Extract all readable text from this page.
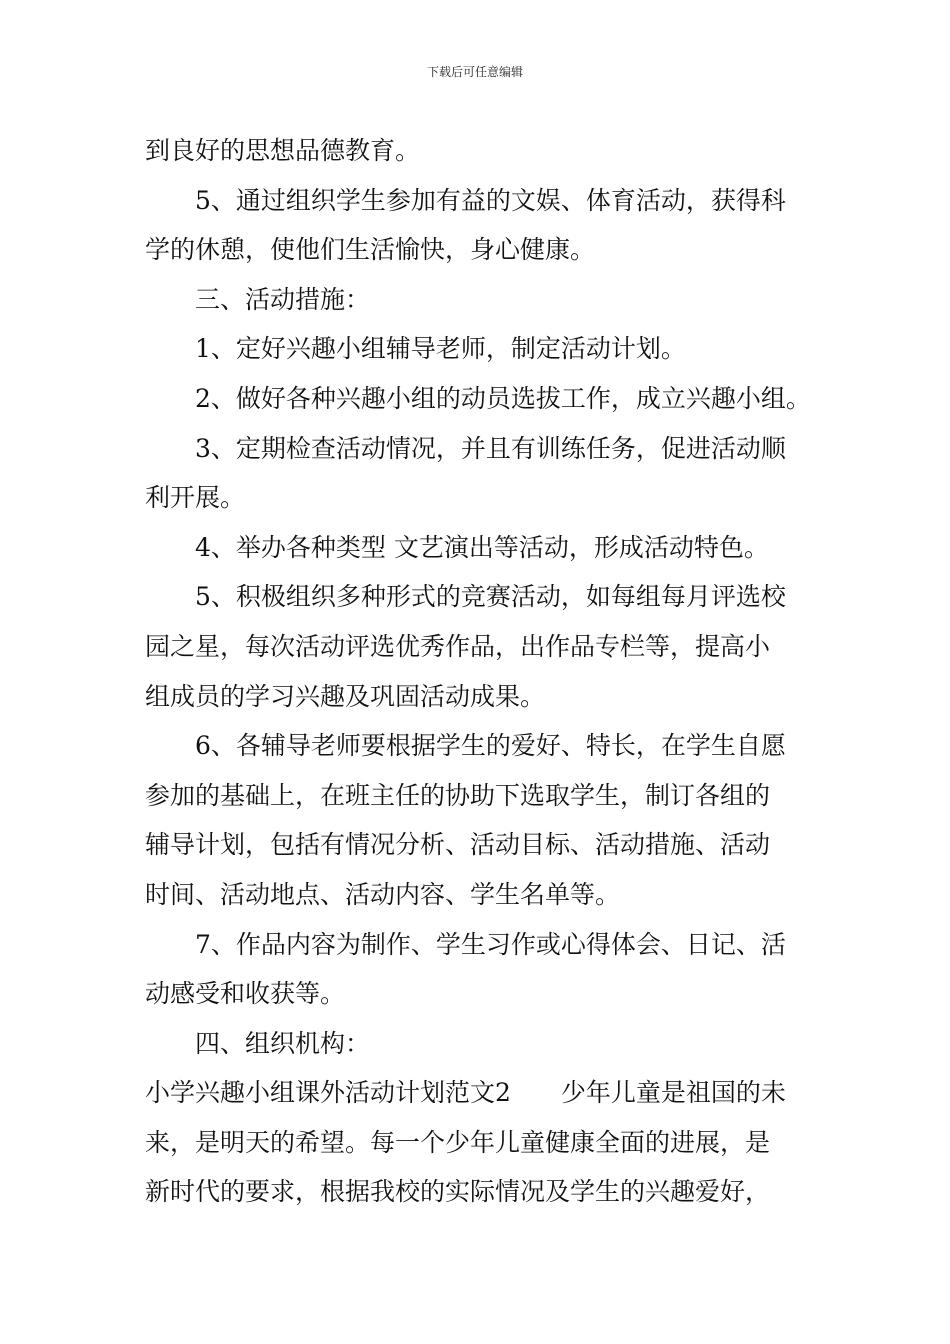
下载后可任意编辑
到良好的思想品德教育。
5、通过组织学生参加有益的文娱、体育活动，获得科
学的休憩，使他们生活愉快，身心健康。
三、活动措施：
1、定好兴趣小组辅导老师，制定活动计划。
2、做好各种兴趣小组的动员选拔工作，成立兴趣小组。
3、定期检查活动情况，并且有训练任务，促进活动顺
利开展。
4、举办各种类型 文艺演出等活动，形成活动特色。
5、积极组织多种形式的竞赛活动，如每组每月评选校
园之星，每次活动评选优秀作品，出作品专栏等，提高小
组成员的学习兴趣及巩固活动成果。
6、各辅导老师要根据学生的爱好、特长，在学生自愿
参加的基础上，在班主任的协助下选取学生，制订各组的
辅导计划，包括有情况分析、活动目标、活动措施、活动
时间、活动地点、活动内容、学生名单等。
7、作品内容为制作、学生习作或心得体会、日记、活
动感受和收获等。
四、组织机构：
小学兴趣小组课外活动计划范文2　　少年儿童是祖国的未
来，是明天的希望。每一个少年儿童健康全面的进展，是
新时代的要求，根据我校的实际情况及学生的兴趣爱好，
